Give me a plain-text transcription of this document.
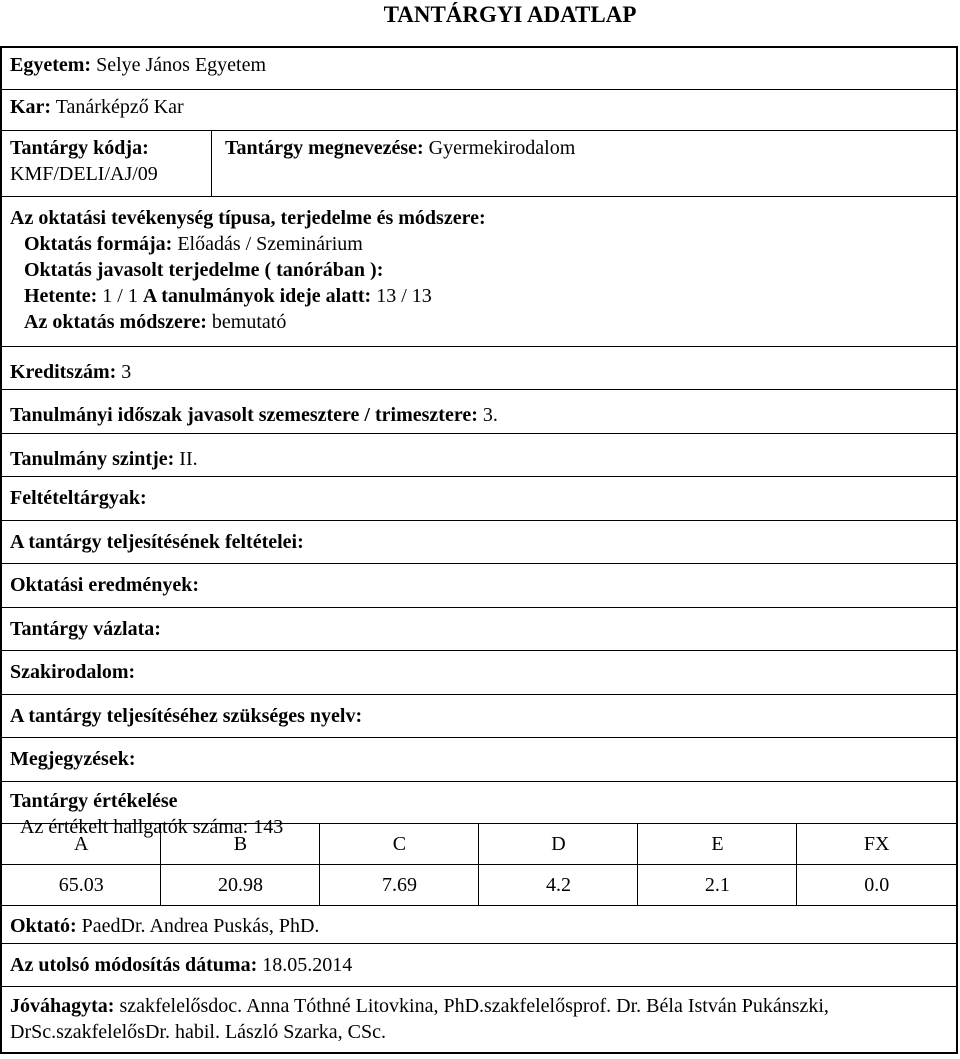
TANTÁRGYI ADATLAP
Egyetem: Selye János Egyetem
Kar: Tanárképző Kar
Tantárgy kódja:
KMF/DELI/AJ/09
Tantárgy megnevezése: Gyermekirodalom
Az oktatási tevékenység típusa, terjedelme és módszere:
Oktatás formája: Előadás / Szeminárium
Oktatás javasolt terjedelme ( tanórában ):
Hetente: 1 / 1 A tanulmányok ideje alatt: 13 / 13
Az oktatás módszere: bemutató
Kreditszám: 3
Tanulmányi időszak javasolt szemesztere / trimesztere: 3.
Tanulmány szintje: II.
Feltételtárgyak:
A tantárgy teljesítésének feltételei:
Oktatási eredmények:
Tantárgy vázlata:
Szakirodalom:
A tantárgy teljesítéséhez szükséges nyelv:
Megjegyzések:
Tantárgy értékelése
Az értékelt hallgatók száma: 143
A	B	C	D	E	FX
65.03	20.98	7.69	4.2	2.1	0.0
Oktató: PaedDr. Andrea Puskás, PhD.
Az utolsó módosítás dátuma: 18.05.2014
Jóváhagyta: szakfelelősdoc. Anna Tóthné Litovkina, PhD.szakfelelősprof. Dr. Béla István Pukánszki, DrSc.szakfelelősDr. habil. László Szarka, CSc.
